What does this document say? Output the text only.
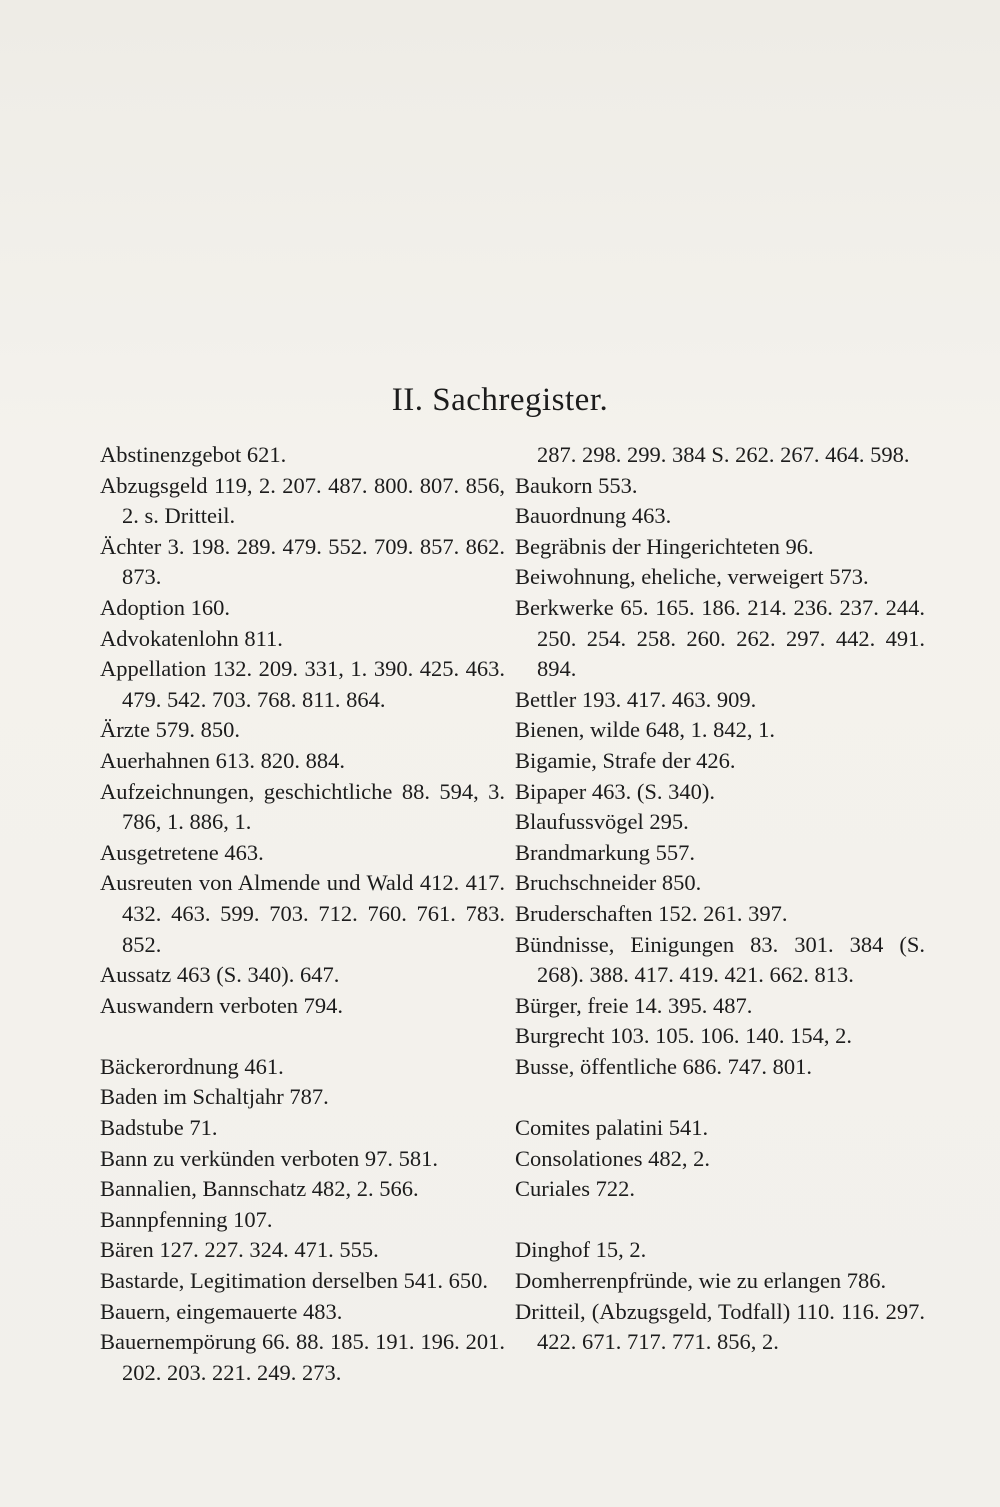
II. Sachregister.

Abstinenzgebot 621.

Abzugsgeld 119, 2. 207. 487. 800. 807. 856, 2. s. Dritteil.

Ächter 3. 198. 289. 479. 552. 709. 857. 862. 873.

Adoption 160.

Advokatenlohn 811.

Appellation 132. 209. 331, 1. 390. 425. 463. 479. 542. 703. 768. 811. 864.

Ärzte 579. 850.

Auerhahnen 613. 820. 884.

Aufzeichnungen, geschichtliche 88. 594, 3. 786, 1. 886, 1.

Ausgetretene 463.

Ausreuten von Almende und Wald 412. 417. 432. 463. 599. 703. 712. 760. 761. 783. 852.

Aussatz 463 (S. 340). 647.

Auswandern verboten 794.

Bäckerordnung 461.

Baden im Schaltjahr 787.

Badstube 71.

Bann zu verkünden verboten 97. 581.

Bannalien, Bannschatz 482, 2. 566.

Bannpfenning 107.

Bären 127. 227. 324. 471. 555.

Bastarde, Legitimation derselben 541. 650.

Bauern, eingemauerte 483.

Bauernempörung 66. 88. 185. 191. 196. 201. 202. 203. 221. 249. 273.

287. 298. 299. 384 S. 262. 267. 464. 598.

Baukorn 553.

Bauordnung 463.

Begräbnis der Hingerichteten 96.

Beiwohnung, eheliche, verweigert 573.

Berkwerke 65. 165. 186. 214. 236. 237. 244. 250. 254. 258. 260. 262. 297. 442. 491. 894.

Bettler 193. 417. 463. 909.

Bienen, wilde 648, 1. 842, 1.

Bigamie, Strafe der 426.

Bipaper 463. (S. 340).

Blaufussvögel 295.

Brandmarkung 557.

Bruchschneider 850.

Bruderschaften 152. 261. 397.

Bündnisse, Einigungen 83. 301. 384 (S. 268). 388. 417. 419. 421. 662. 813.

Bürger, freie 14. 395. 487.

Burgrecht 103. 105. 106. 140. 154, 2.

Busse, öffentliche 686. 747. 801.

Comites palatini 541.

Consolationes 482, 2.

Curiales 722.

Dinghof 15, 2.

Domherrenpfründe, wie zu erlangen 786.

Dritteil, (Abzugsgeld, Todfall) 110. 116. 297. 422. 671. 717. 771. 856, 2.
